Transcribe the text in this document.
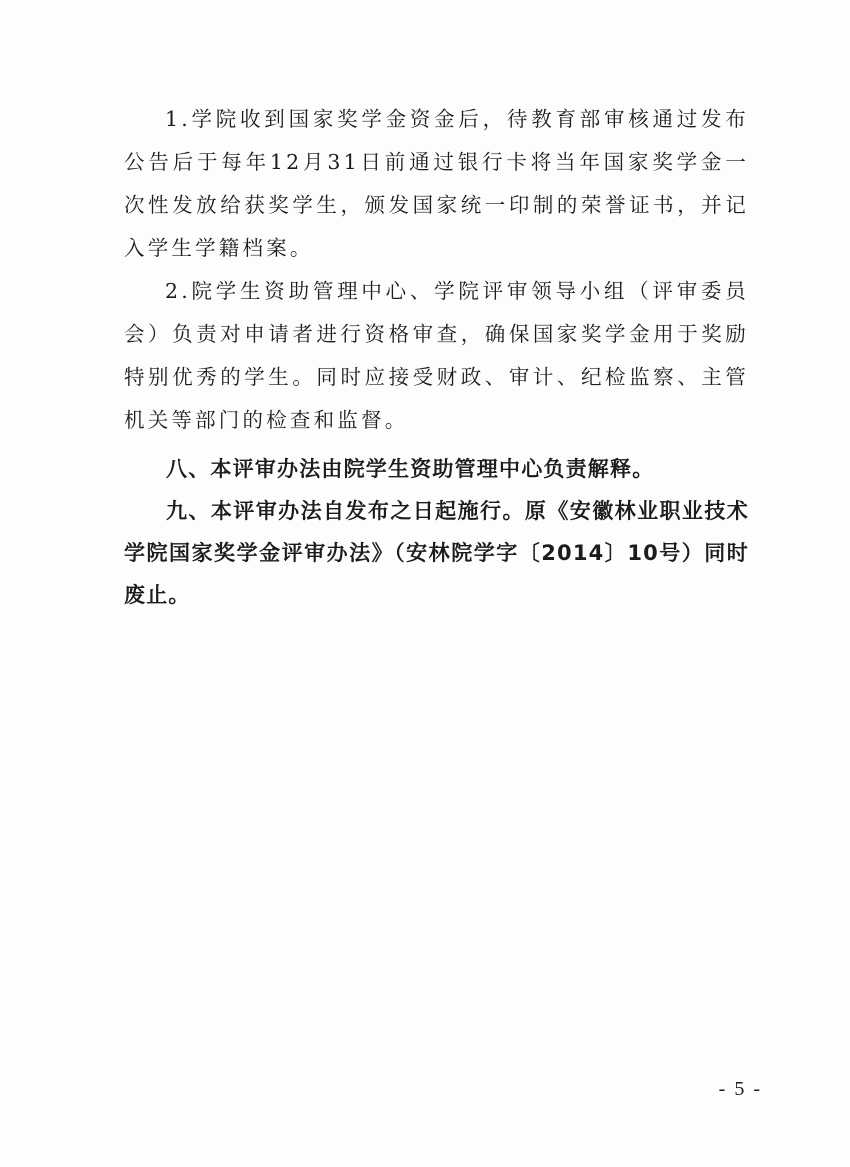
1.学院收到国家奖学金资金后，待教育部审核通过发布公告后于每年12月31日前通过银行卡将当年国家奖学金一次性发放给获奖学生，颁发国家统一印制的荣誉证书，并记入学生学籍档案。

2.院学生资助管理中心、学院评审领导小组（评审委员会）负责对申请者进行资格审查，确保国家奖学金用于奖励特别优秀的学生。同时应接受财政、审计、纪检监察、主管机关等部门的检查和监督。

八、本评审办法由院学生资助管理中心负责解释。

九、本评审办法自发布之日起施行。原《安徽林业职业技术学院国家奖学金评审办法》（安林院学字〔2014〕10号）同时废止。

- 5 -
